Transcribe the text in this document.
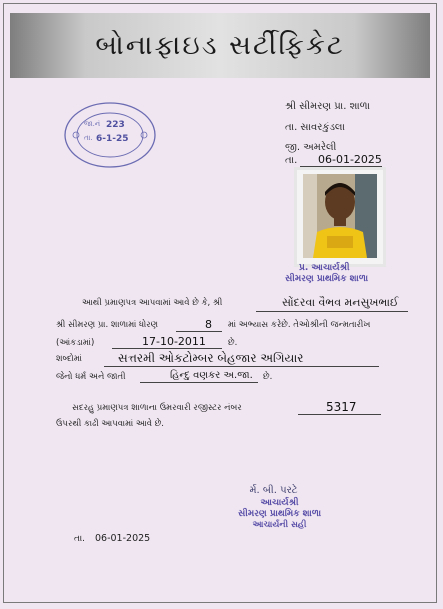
બોનાફાઇડ સર્ટીફિકેટ
શ્રી સીમરણ પ્રા. શાળા
તા. સાવરકુંડલા
જી. અમરેલી
તા. 06-01-2025
જા.નં 223
તા. 6-1-25
પ્ર. આચાર્યશ્રી
સીમરણ પ્રાથમિક શાળા
આથી પ્રમાણપત્ર આપવામાં આવે છે કે, શ્રી	સોંદરવા વૈભવ મનસુખભાઈ
શ્રી સીમરણ પ્રા. શાળામાં ધોરણ	8 માં અભ્યાસ કરેછે. તેઓશ્રીની જન્મતારીખ
(આંકડામાં)	17-10-2011	છે.
શબ્દોમાં	સત્તરમી ઓકટોમ્બર બેહજાર અગિયાર
જેનો ધર્મ અને જાતી	હિન્દુ વણકર અ.જા. છે.
સદરહુ પ્રમાણપત્ર શાળાના ઉમરવારી રજીસ્ટર નંબર	5317
ઉપરથી કાઢી આપવામાં આવે છે.
તા. 06-01-2025
ર્મ. બી. પરટે
આચાર્યશ્રી
સીમરણ પ્રાથમિક શાળા
આચાર્યની સહી
